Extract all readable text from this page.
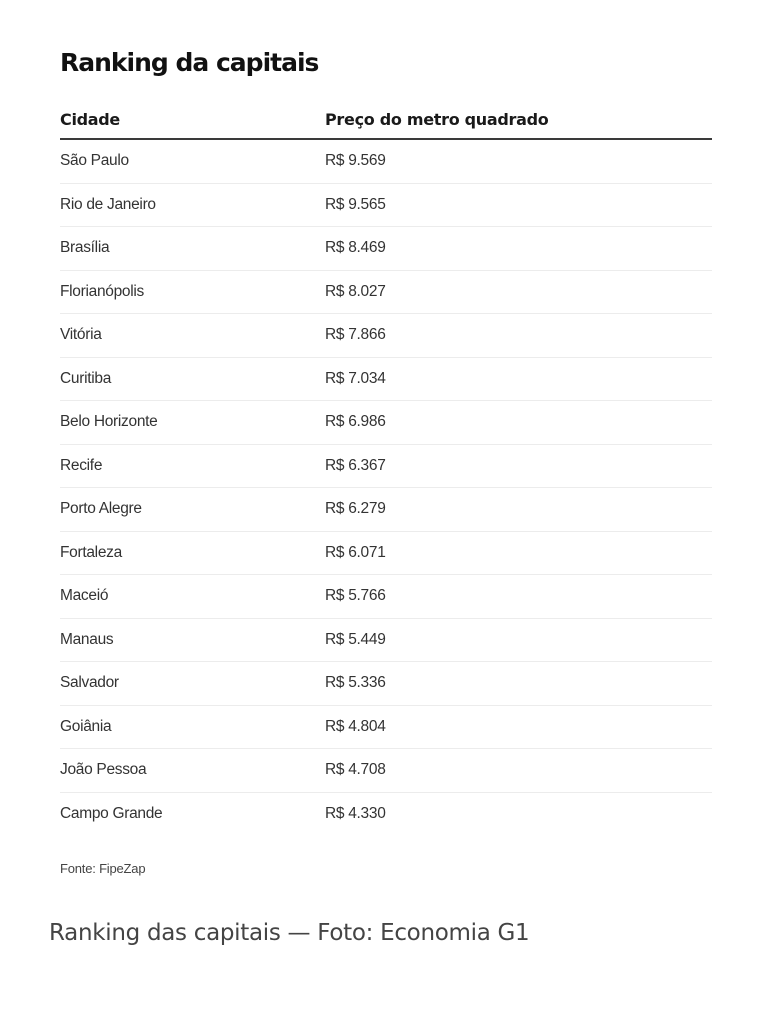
Ranking da capitais
Cidade	Preço do metro quadrado
São Paulo	R$ 9.569
Rio de Janeiro	R$ 9.565
Brasília	R$ 8.469
Florianópolis	R$ 8.027
Vitória	R$ 7.866
Curitiba	R$ 7.034
Belo Horizonte	R$ 6.986
Recife	R$ 6.367
Porto Alegre	R$ 6.279
Fortaleza	R$ 6.071
Maceió	R$ 5.766
Manaus	R$ 5.449
Salvador	R$ 5.336
Goiânia	R$ 4.804
João Pessoa	R$ 4.708
Campo Grande	R$ 4.330
Fonte: FipeZap
Ranking das capitais — Foto: Economia G1
